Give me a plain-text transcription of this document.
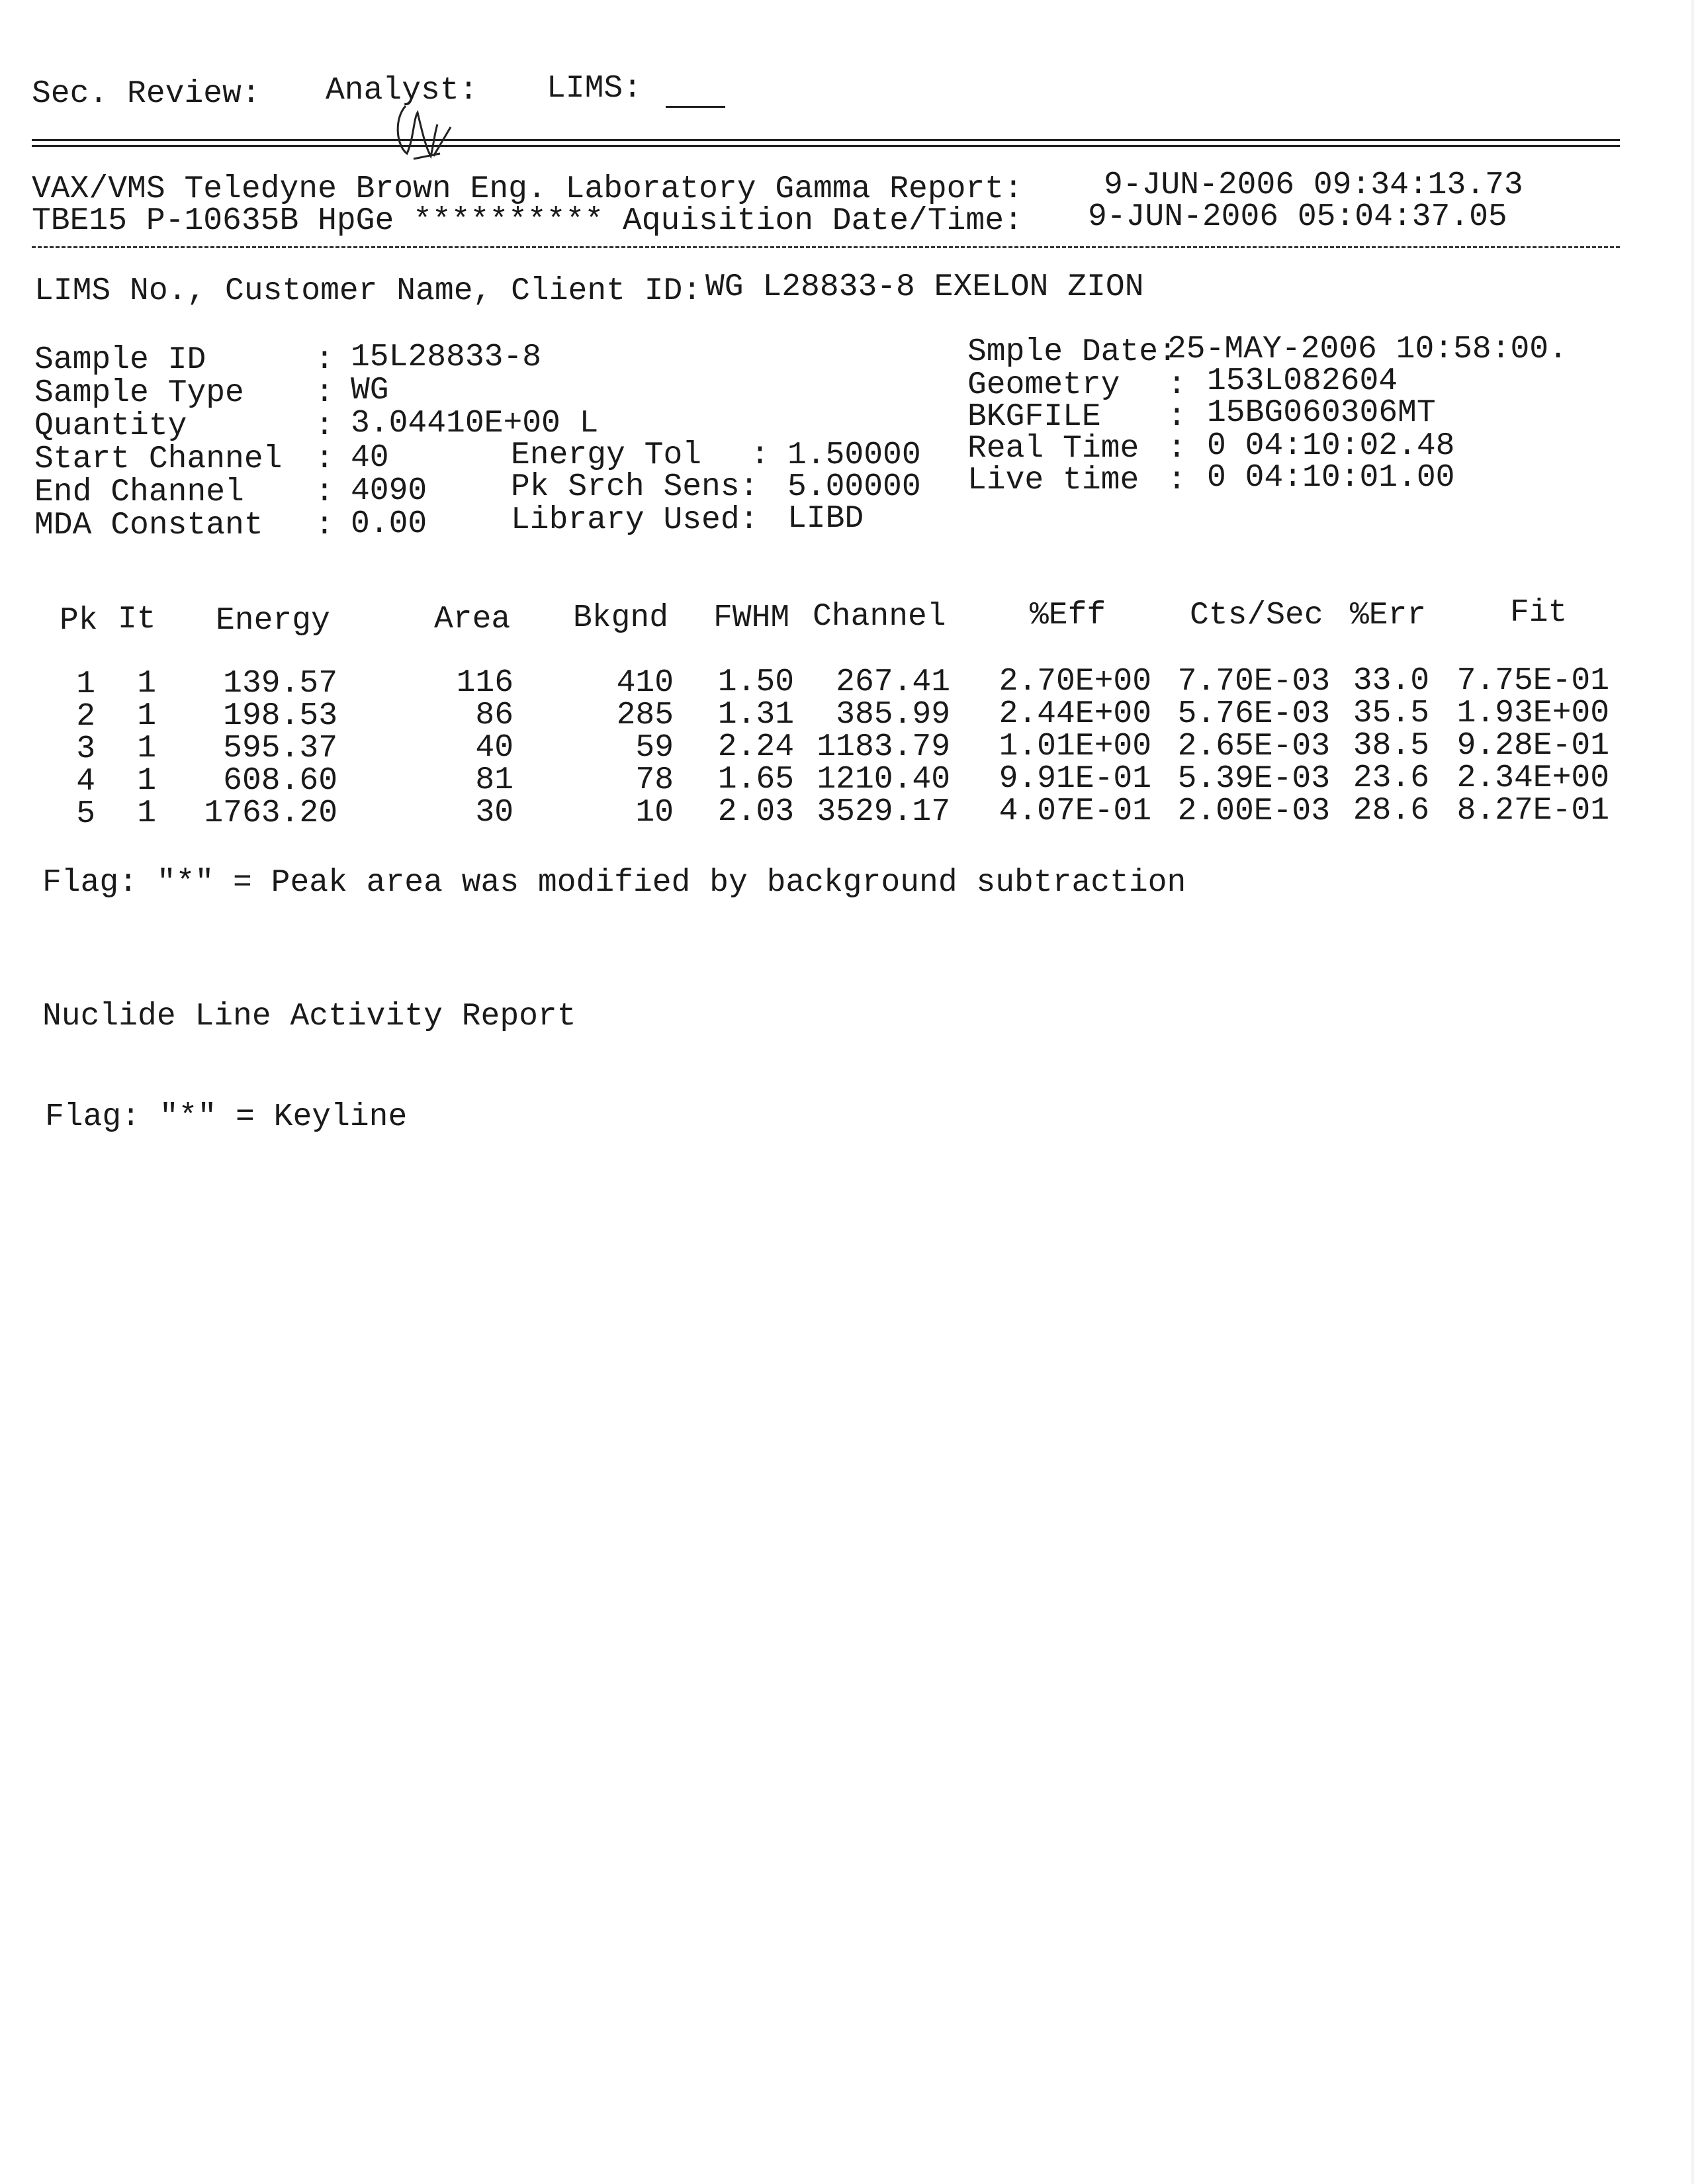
Sec. Review: Analyst: LIMS:
VAX/VMS Teledyne Brown Eng. Laboratory Gamma Report:	9-JUN-2006 09:34:13.73
TBE15 P-10635B HpGe ********** Aquisition Date/Time: 9-JUN-2006 05:04:37.05
LIMS No., Customer Name, Client ID: WG L28833-8 EXELON ZION
Sample ID	: 15L28833-8
Sample Type : WG
Quantity	: 3.04410E+00 L
Start Channel : 40
End Channel : 4090
MDA Constant : 0.00
Energy Tol : 1.50000
Pk Srch Sens: 5.00000
Library Used: LIBD
Smple Date:
25-MAY-2006 10:58:00.
Geometry : 153L082604
BKGFILE : 15BG060306MT
Real Time : 0 04:10:02.48
Live time : 0 04:10:01.00
Pk It Energy	Area Bkgnd FWHM Channel	%Eff	Cts/Sec %Err	Fit
1 1 139.57	116	410 1.50 267.41 2.70E+00 7.70E-03 33.0 7.75E-01
2 1 198.53	86	285 1.31 385.99 2.44E+00 5.76E-03 35.5 1.93E+00
3 1 595.37	40	59 2.24 1183.79 1.01E+00 2.65E-03 38.5 9.28E-01
4 1 608.60	81	78 1.65 1210.40 9.91E-01 5.39E-03 23.6 2.34E+00
5 1 1763.20	30	10 2.03 3529.17 4.07E-01 2.00E-03 28.6 8.27E-01
Flag: "*" = Peak area was modified by background subtraction
Nuclide Line Activity Report
Flag: "*" = Keyline
